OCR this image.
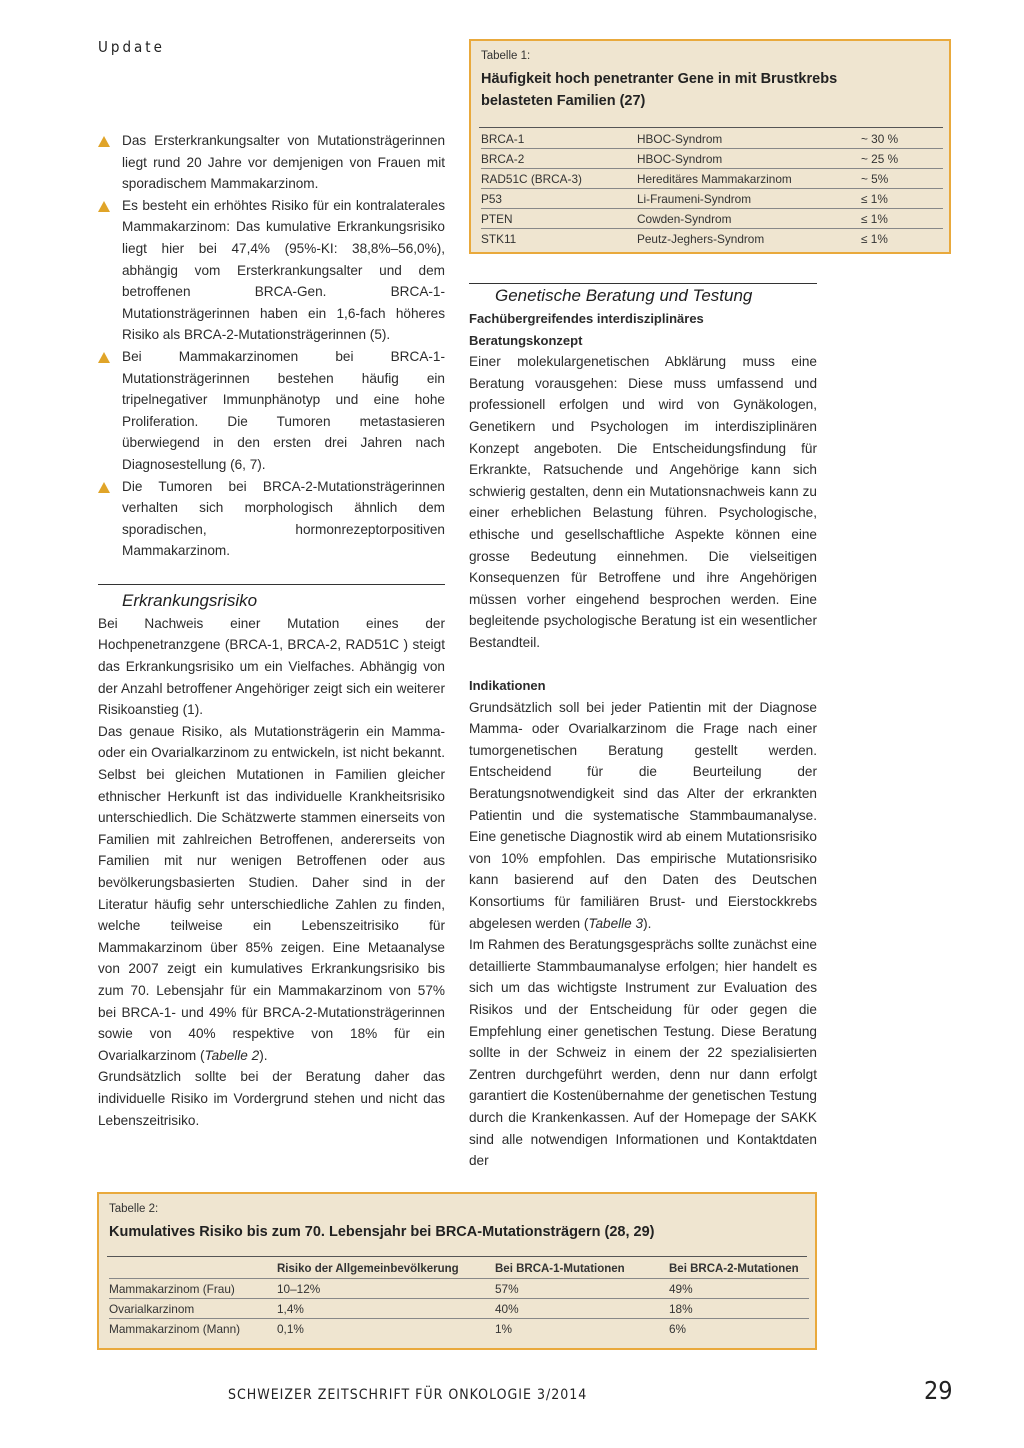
Update
Das Ersterkrankungsalter von Mutationsträgerinnen liegt rund 20 Jahre vor demjenigen von Frauen mit sporadischem Mammakarzinom.
Es besteht ein erhöhtes Risiko für ein kontralaterales Mammakarzinom: Das kumulative Erkrankungsrisiko liegt hier bei 47,4% (95%-KI: 38,8%–56,0%), abhängig vom Ersterkrankungsalter und dem betroffenen BRCA-Gen. BRCA-1-Mutationsträgerinnen haben ein 1,6-fach höheres Risiko als BRCA-2-Mutationsträgerinnen (5).
Bei Mammakarzinomen bei BRCA-1-Mutationsträgerinnen bestehen häufig ein tripelnegativer Immunphänotyp und eine hohe Proliferation. Die Tumoren metastasieren überwiegend in den ersten drei Jahren nach Diagnosestellung (6, 7).
Die Tumoren bei BRCA-2-Mutationsträgerinnen verhalten sich morphologisch ähnlich dem sporadischen, hormonrezeptorpositiven Mammakarzinom.
Erkrankungsrisiko

Bei Nachweis einer Mutation eines der Hochpenetranzgene (BRCA-1, BRCA-2, RAD51C ) steigt das Erkrankungsrisiko um ein Vielfaches. Abhängig von der Anzahl betroffener Angehöriger zeigt sich ein weiterer Risikoanstieg (1).

Das genaue Risiko, als Mutationsträgerin ein Mamma- oder ein Ovarialkarzinom zu entwickeln, ist nicht bekannt. Selbst bei gleichen Mutationen in Familien gleicher ethnischer Herkunft ist das individuelle Krankheitsrisiko unterschiedlich. Die Schätzwerte stammen einerseits von Familien mit zahlreichen Betroffenen, andererseits von Familien mit nur wenigen Betroffenen oder aus bevölkerungsbasierten Studien. Daher sind in der Literatur häufig sehr unterschiedliche Zahlen zu finden, welche teilweise ein Lebenszeitrisiko für Mammakarzinom über 85% zeigen. Eine Metaanalyse von 2007 zeigt ein kumulatives Erkrankungsrisiko bis zum 70. Lebensjahr für ein Mammakarzinom von 57% bei BRCA-1- und 49% für BRCA-2-Mutationsträgerinnen sowie von 40% respektive von 18% für ein Ovarialkarzinom (Tabelle 2).

Grundsätzlich sollte bei der Beratung daher das individuelle Risiko im Vordergrund stehen und nicht das Lebenszeitrisiko.

Tabelle 1:
Häufigkeit hoch penetranter Gene in mit Brustkrebs belasteten Familien (27)
BRCA-1	HBOC-Syndrom	~ 30 %
BRCA-2	HBOC-Syndrom	~ 25 %
RAD51C (BRCA-3)	Hereditäres Mammakarzinom	~ 5%
P53	Li-Fraumeni-Syndrom	≤ 1%
PTEN	Cowden-Syndrom	≤ 1%
STK11	Peutz-Jeghers-Syndrom	≤ 1%
Genetische Beratung und Testung
Fachübergreifendes interdisziplinäres Beratungskonzept

Einer molekulargenetischen Abklärung muss eine Beratung vorausgehen: Diese muss umfassend und professionell erfolgen und wird von Gynäkologen, Genetikern und Psychologen im interdisziplinären Konzept angeboten. Die Entscheidungsfindung für Erkrankte, Ratsuchende und Angehörige kann sich schwierig gestalten, denn ein Mutationsnachweis kann zu einer erheblichen Belastung führen. Psychologische, ethische und gesellschaftliche Aspekte können eine grosse Bedeutung einnehmen. Die vielseitigen Konsequenzen für Betroffene und ihre Angehörigen müssen vorher eingehend besprochen werden. Eine begleitende psychologische Beratung ist ein wesentlicher Bestandteil.

Indikationen

Grundsätzlich soll bei jeder Patientin mit der Diagnose Mamma- oder Ovarialkarzinom die Frage nach einer tumorgenetischen Beratung gestellt werden. Entscheidend für die Beurteilung der Beratungsnotwendigkeit sind das Alter der erkrankten Patientin und die systematische Stammbaumanalyse. Eine genetische Diagnostik wird ab einem Mutationsrisiko von 10% empfohlen. Das empirische Mutationsrisiko kann basierend auf den Daten des Deutschen Konsortiums für familiären Brust- und Eierstockkrebs abgelesen werden (Tabelle 3).

Im Rahmen des Beratungsgesprächs sollte zunächst eine detaillierte Stammbaumanalyse erfolgen; hier handelt es sich um das wichtigste Instrument zur Evaluation des Risikos und der Entscheidung für oder gegen die Empfehlung einer genetischen Testung. Diese Beratung sollte in der Schweiz in einem der 22 spezialisierten Zentren durchgeführt werden, denn nur dann erfolgt garantiert die Kostenübernahme der genetischen Testung durch die Krankenkassen. Auf der Homepage der SAKK sind alle notwendigen Informationen und Kontaktdaten der

Tabelle 2:
Kumulatives Risiko bis zum 70. Lebensjahr bei BRCA-Mutationsträgern (28, 29)
	Risiko der Allgemeinbevölkerung	Bei BRCA-1-Mutationen	Bei BRCA-2-Mutationen
Mammakarzinom (Frau)	10–12%	57%	49%
Ovarialkarzinom	1,4%	40%	18%
Mammakarzinom (Mann)	0,1%	1%	6%
SCHWEIZER ZEITSCHRIFT FÜR ONKOLOGIE 3/2014	29
